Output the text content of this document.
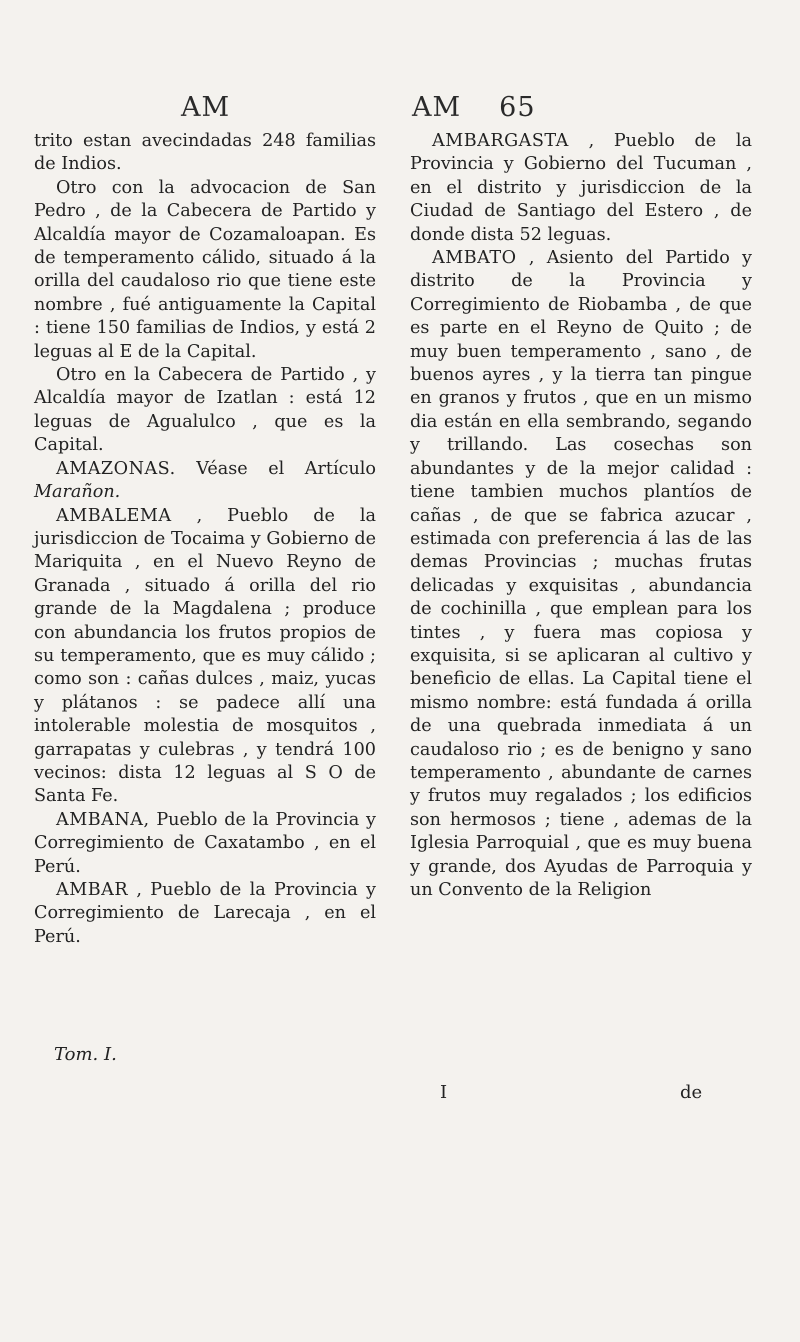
AM	AM 65

trito estan avecindadas 248 familias de Indios.

Otro con la advocacion de San Pedro , de la Cabecera de Partido y Alcaldía mayor de Cozamaloapan. Es de temperamento cálido, situado á la orilla del caudaloso rio que tiene este nombre , fué antiguamente la Capital : tiene 150 familias de Indios, y está 2 leguas al E de la Capital.

Otro en la Cabecera de Partido , y Alcaldía mayor de Izatlan : está 12 leguas de Agualulco , que es la Capital.

AMAZONAS. Véase el Artículo Marañon.

AMBALEMA , Pueblo de la jurisdiccion de Tocaima y Gobierno de Mariquita , en el Nuevo Reyno de Granada , situado á orilla del rio grande de la Magdalena ; produce con abundancia los frutos propios de su temperamento, que es muy cálido ; como son : cañas dulces , maiz, yucas y plátanos : se padece allí una intolerable molestia de mosquitos , garrapatas y culebras , y tendrá 100 vecinos: dista 12 leguas al S O de Santa Fe.

AMBANA, Pueblo de la Provincia y Corregimiento de Caxatambo , en el Perú.

AMBAR , Pueblo de la Provincia y Corregimiento de Larecaja , en el Perú.

Tom. I.

AMBARGASTA , Pueblo de la Provincia y Gobierno del Tucuman , en el distrito y jurisdiccion de la Ciudad de Santiago del Estero , de donde dista 52 leguas.

AMBATO , Asiento del Partido y distrito de la Provincia y Corregimiento de Riobamba , de que es parte en el Reyno de Quito ; de muy buen temperamento , sano , de buenos ayres , y la tierra tan pingue en granos y frutos , que en un mismo dia están en ella sembrando, segando y trillando. Las cosechas son abundantes y de la mejor calidad : tiene tambien muchos plantíos de cañas , de que se fabrica azucar , estimada con preferencia á las de las demas Provincias ; muchas frutas delicadas y exquisitas , abundancia de cochinilla , que emplean para los tintes , y fuera mas copiosa y exquisita, si se aplicaran al cultivo y beneficio de ellas. La Capital tiene el mismo nombre: está fundada á orilla de una quebrada inmediata á un caudaloso rio ; es de benigno y sano temperamento , abundante de carnes y frutos muy regalados ; los edificios son hermosos ; tiene , ademas de la Iglesia Parroquial , que es muy buena y grande, dos Ayudas de Parroquia y un Convento de la Religion

I	de
